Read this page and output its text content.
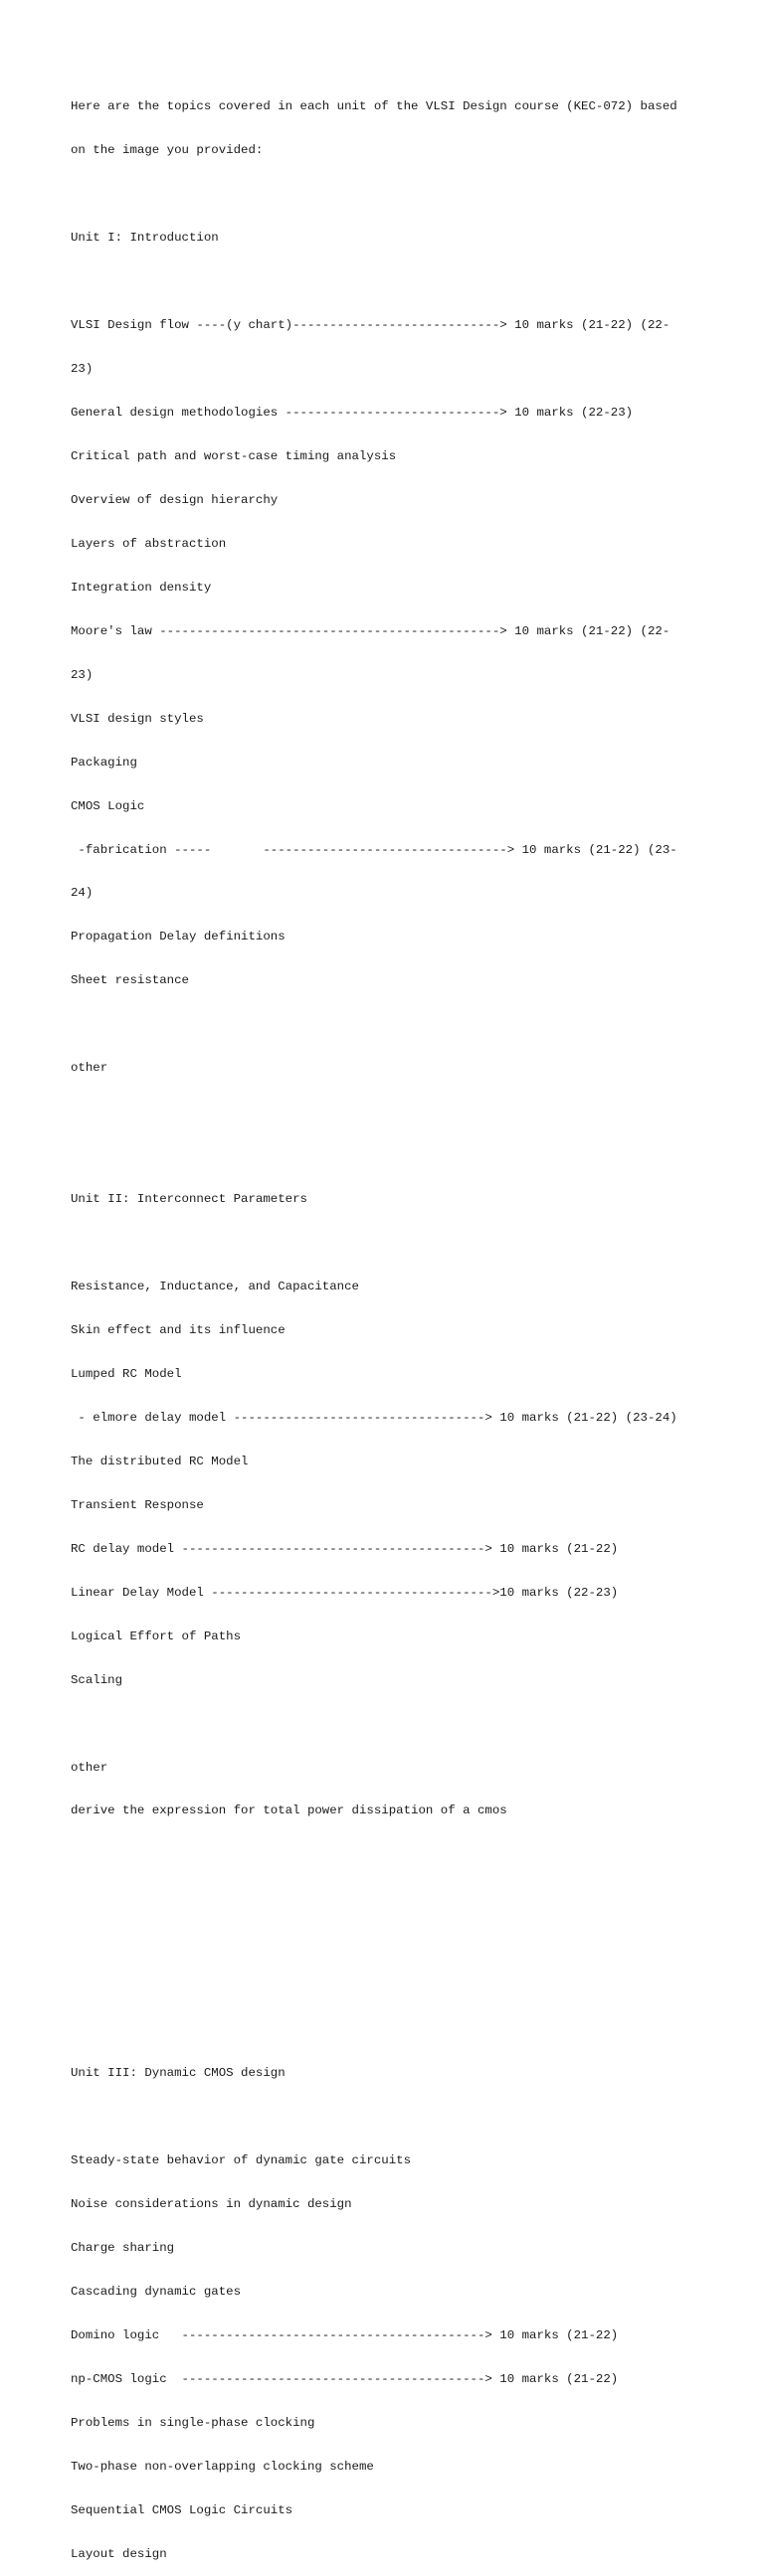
Here are the topics covered in each unit of the VLSI Design course (KEC-072) based

on the image you provided:

Unit I: Introduction

VLSI Design flow ----(y chart)----------------------------> 10 marks (21-22) (22-

23)

General design methodologies -----------------------------> 10 marks (22-23)

Critical path and worst-case timing analysis

Overview of design hierarchy

Layers of abstraction

Integration density

Moore's law ----------------------------------------------> 10 marks (21-22) (22-

23)

VLSI design styles

Packaging

CMOS Logic

-fabrication -----       ---------------------------------> 10 marks (21-22) (23-

24)

Propagation Delay definitions

Sheet resistance

other

Unit II: Interconnect Parameters

Resistance, Inductance, and Capacitance

Skin effect and its influence

Lumped RC Model

- elmore delay model ----------------------------------> 10 marks (21-22) (23-24)

The distributed RC Model

Transient Response

RC delay model -----------------------------------------> 10 marks (21-22)

Linear Delay Model -------------------------------------->10 marks (22-23)

Logical Effort of Paths

Scaling

other

derive the expression for total power dissipation of a cmos

Unit III: Dynamic CMOS design

Steady-state behavior of dynamic gate circuits

Noise considerations in dynamic design

Charge sharing

Cascading dynamic gates

Domino logic   -----------------------------------------> 10 marks (21-22)

np-CMOS logic  -----------------------------------------> 10 marks (21-22)

Problems in single-phase clocking

Two-phase non-overlapping clocking scheme

Sequential CMOS Logic Circuits

Layout design
